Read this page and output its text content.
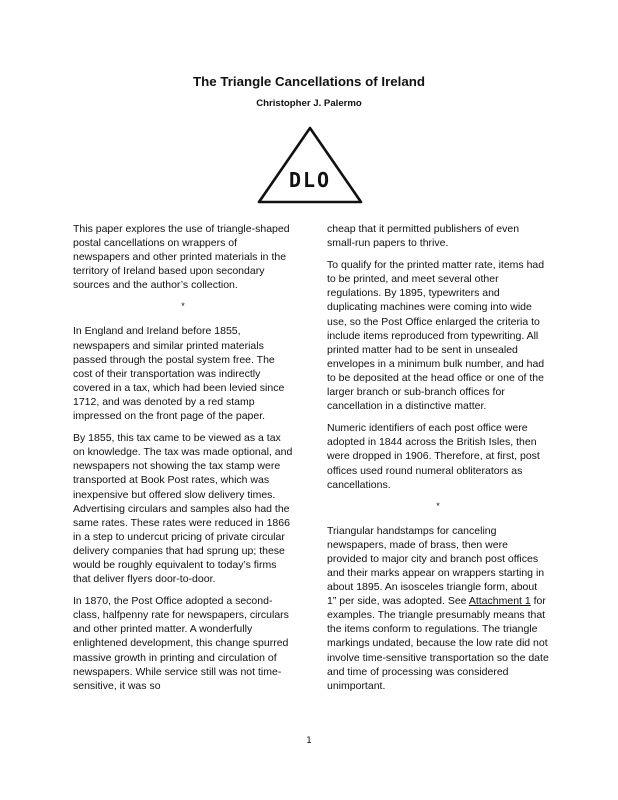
The Triangle Cancellations of Ireland
Christopher J. Palermo
DLO

This paper explores the use of triangle-shaped postal cancellations on wrappers of newspapers and other printed materials in the territory of Ireland based upon secondary sources and the author’s collection.

*

In England and Ireland before 1855, newspapers and similar printed materials passed through the postal system free. The cost of their transportation was indirectly covered in a tax, which had been levied since 1712, and was denoted by a red stamp impressed on the front page of the paper.

By 1855, this tax came to be viewed as a tax on knowledge. The tax was made optional, and newspapers not showing the tax stamp were transported at Book Post rates, which was inexpensive but offered slow delivery times. Advertising circulars and samples also had the same rates. These rates were reduced in 1866 in a step to undercut pricing of private circular delivery companies that had sprung up; these would be roughly equivalent to today’s firms that deliver flyers door-to-door.

In 1870, the Post Office adopted a second-class, halfpenny rate for newspapers, circulars and other printed matter. A wonderfully enlightened development, this change spurred massive growth in printing and circulation of newspapers. While service still was not time-sensitive, it was so

cheap that it permitted publishers of even small-run papers to thrive.

To qualify for the printed matter rate, items had to be printed, and meet several other regulations. By 1895, typewriters and duplicating machines were coming into wide use, so the Post Office enlarged the criteria to include items reproduced from typewriting. All printed matter had to be sent in unsealed envelopes in a minimum bulk number, and had to be deposited at the head office or one of the larger branch or sub-branch offices for cancellation in a distinctive matter.

Numeric identifiers of each post office were adopted in 1844 across the British Isles, then were dropped in 1906. Therefore, at first, post offices used round numeral obliterators as cancellations.

*

Triangular handstamps for canceling newspapers, made of brass, then were provided to major city and branch post offices and their marks appear on wrappers starting in about 1895. An isosceles triangle form, about 1” per side, was adopted. See Attachment 1 for examples. The triangle presumably means that the items conform to regulations. The triangle markings undated, because the low rate did not involve time-sensitive transportation so the date and time of processing was considered unimportant.

1
